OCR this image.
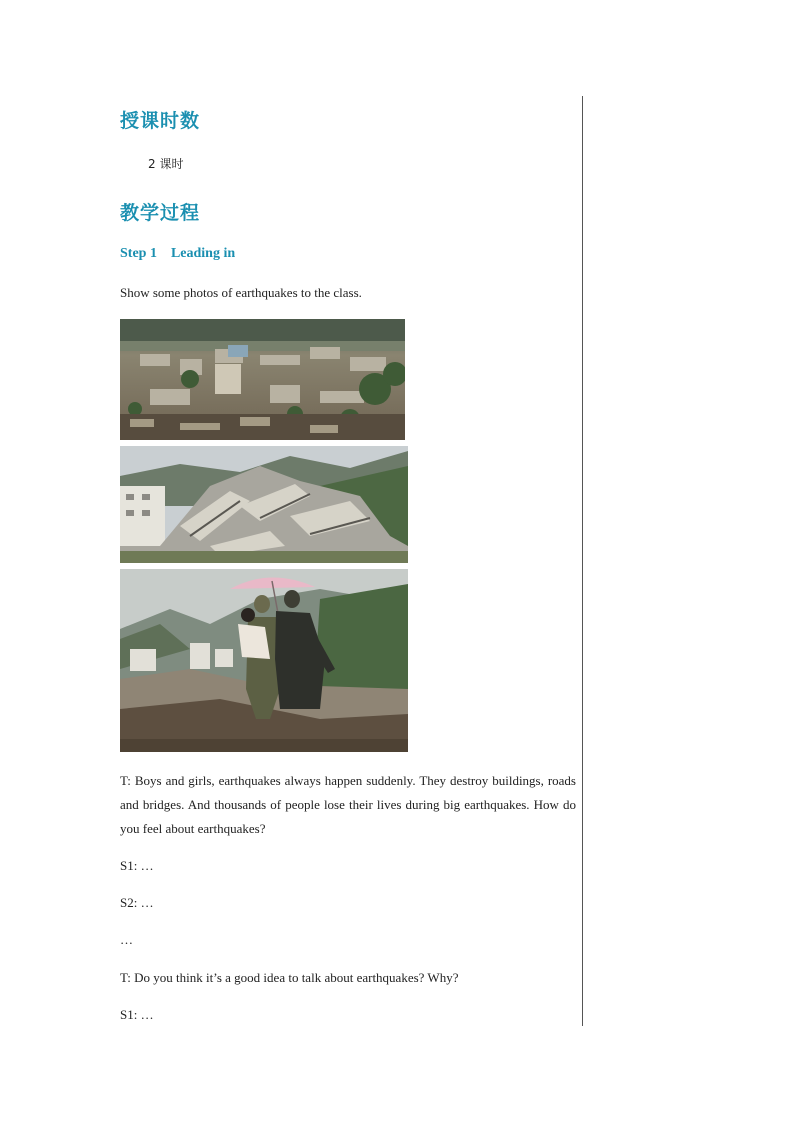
授课时数
2 课时
教学过程
Step 1    Leading in
Show some photos of earthquakes to the class.
T: Boys and girls, earthquakes always happen suddenly. They destroy buildings, roads and bridges. And thousands of people lose their lives during big earthquakes. How do you feel about earthquakes?
S1: …
S2: …
…
T: Do you think it’s a good idea to talk about earthquakes? Why?
S1: …
